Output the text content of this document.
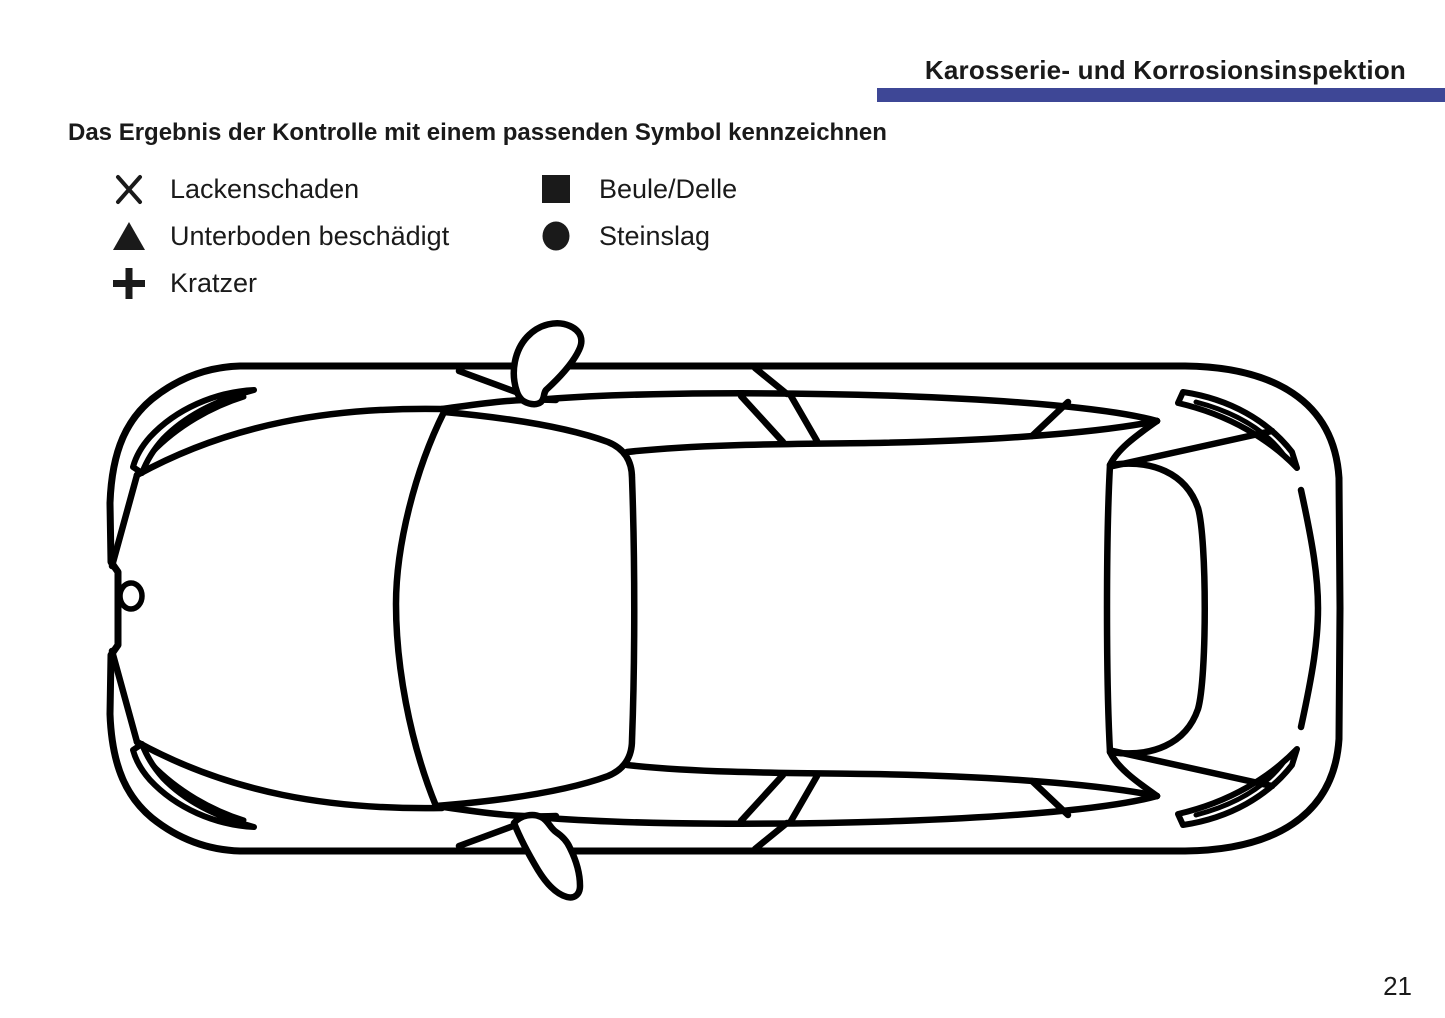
Karosserie- und Korrosionsinspektion
Das Ergebnis der Kontrolle mit einem passenden Symbol kennzeichnen
Lackenschaden
Unterboden beschädigt
Kratzer
Beule/Delle
Steinslag
21
